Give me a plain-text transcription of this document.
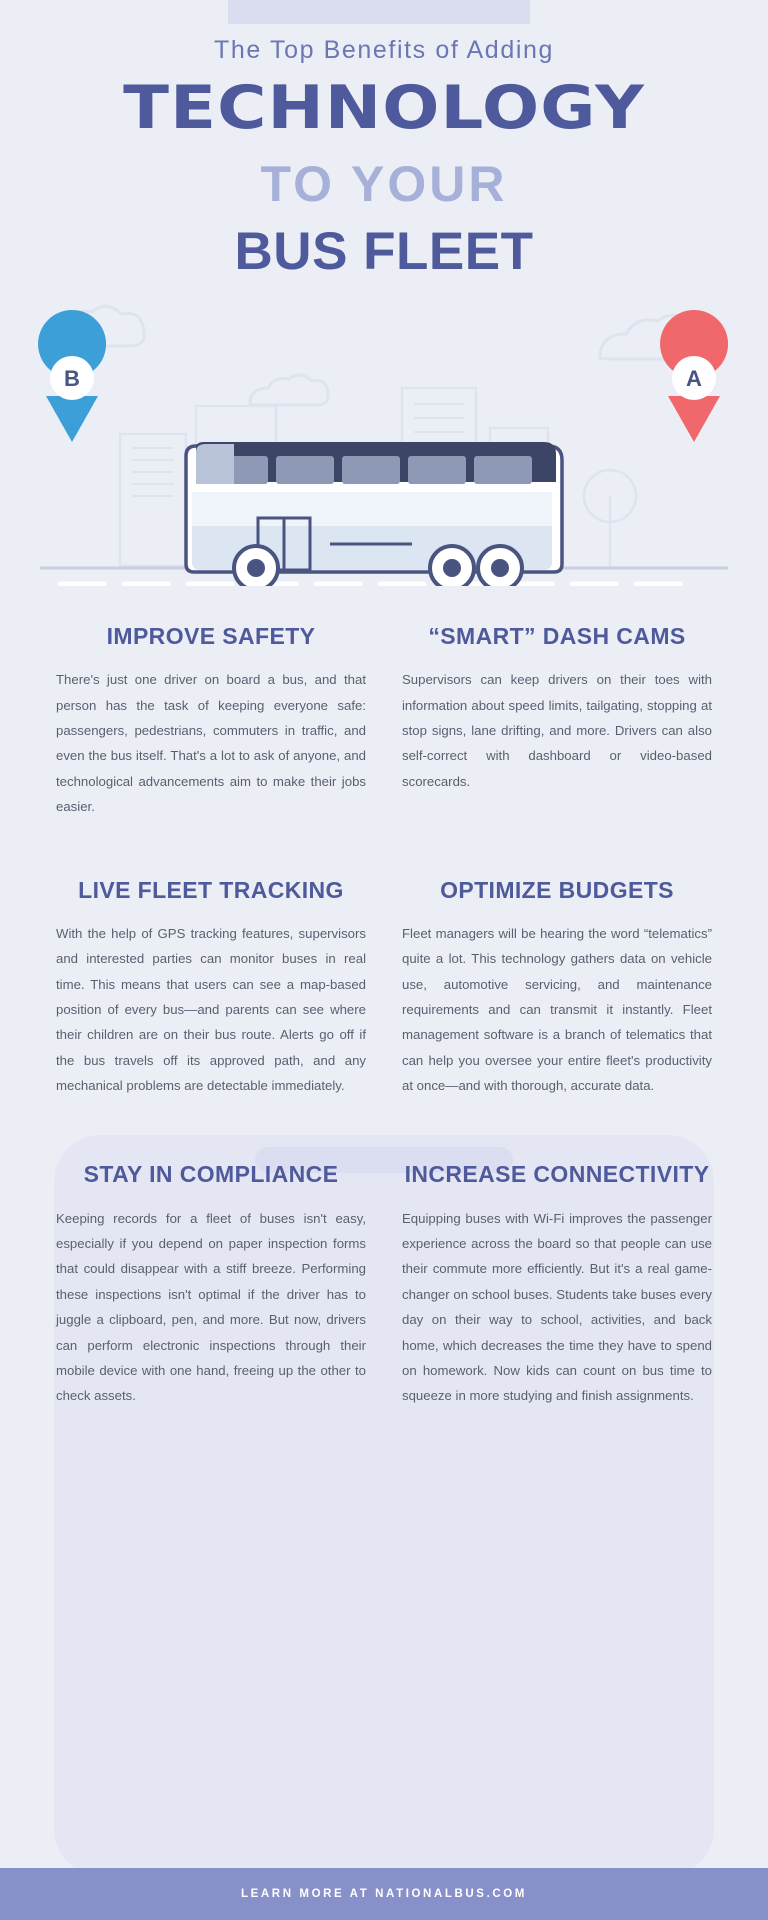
The Top Benefits of Adding
TECHNOLOGY
TO YOUR
BUS FLEET
B	A
IMPROVE SAFETY
There's just one driver on board a bus, and that person has the task of keeping everyone safe: passengers, pedestrians, commuters in traffic, and even the bus itself. That's a lot to ask of anyone, and technological advancements aim to make their jobs easier.
“SMART” DASH CAMS
Supervisors can keep drivers on their toes with information about speed limits, tailgating, stopping at stop signs, lane drifting, and more. Drivers can also self-correct with dashboard or video-based scorecards.
LIVE FLEET TRACKING
With the help of GPS tracking features, supervisors and interested parties can monitor buses in real time. This means that users can see a map-based position of every bus—and parents can see where their children are on their bus route. Alerts go off if the bus travels off its approved path, and any mechanical problems are detectable immediately.
OPTIMIZE BUDGETS
Fleet managers will be hearing the word “telematics” quite a lot. This technology gathers data on vehicle use, automotive servicing, and maintenance requirements and can transmit it instantly. Fleet management software is a branch of telematics that can help you oversee your entire fleet's productivity at once—and with thorough, accurate data.
STAY IN COMPLIANCE
Keeping records for a fleet of buses isn't easy, especially if you depend on paper inspection forms that could disappear with a stiff breeze. Performing these inspections isn't optimal if the driver has to juggle a clipboard, pen, and more. But now, drivers can perform electronic inspections through their mobile device with one hand, freeing up the other to check assets.
INCREASE CONNECTIVITY
Equipping buses with Wi-Fi improves the passenger experience across the board so that people can use their commute more efficiently. But it's a real game-changer on school buses. Students take buses every day on their way to school, activities, and back home, which decreases the time they have to spend on homework. Now kids can count on bus time to squeeze in more studying and finish assignments.
LEARN MORE AT NATIONALBUS.COM
